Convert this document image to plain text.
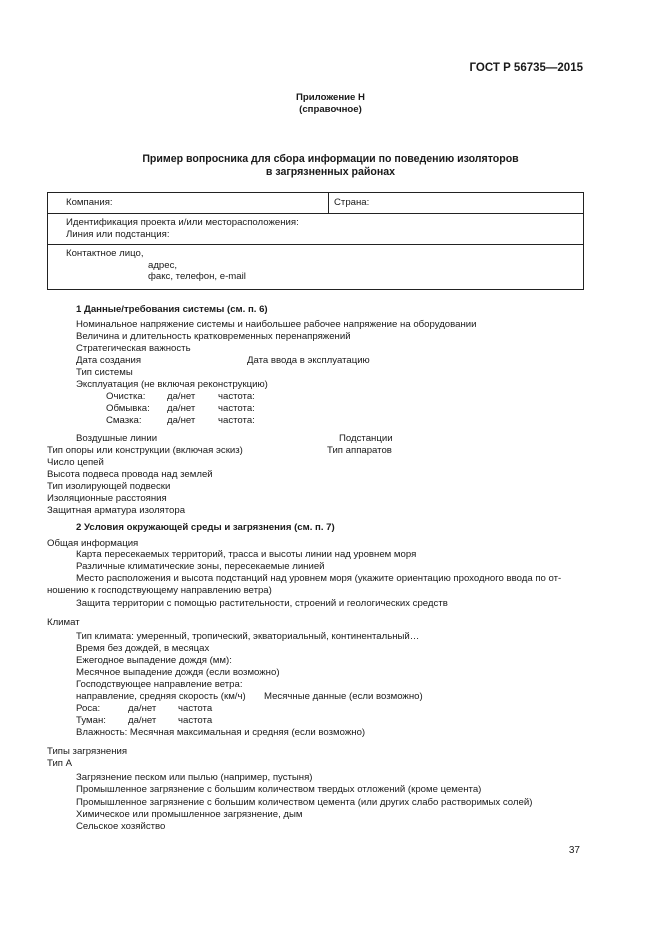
ГОСТ Р 56735—2015
Приложение Н
(справочное)
Пример вопросника для сбора информации по поведению изоляторов
в загрязненных районах
Компания:	Страна:
Идентификация проекта и/или месторасположения:
Линия или подстанция:
Контактное лицо,
адрес,
факс, телефон, e-mail
1 Данные/требования системы (см. п. 6)
Номинальное напряжение системы и наибольшее рабочее напряжение на оборудовании
Величина и длительность кратковременных перенапряжений
Стратегическая важность
Дата создания	Дата ввода в эксплуатацию
Тип системы
Эксплуатация (не включая реконструкцию)
Очистка: да/нет частота:
Обмывка: да/нет частота:
Смазка:	да/нет частота:
Воздушные линии	Подстанции
Тип опоры или конструкции (включая эскиз)	Тип аппаратов
Число цепей
Высота подвеса провода над землей
Тип изолирующей подвески
Изоляционные расстояния
Защитная арматура изолятора
2 Условия окружающей среды и загрязнения (см. п. 7)
Общая информация
Карта пересекаемых территорий, трасса и высоты линии над уровнем моря
Различные климатические зоны, пересекаемые линией
Место расположения и высота подстанций над уровнем моря (укажите ориентацию проходного ввода по от-
ношению к господствующему направлению ветра)
Защита территории с помощью растительности, строений и геологических средств
Климат
Тип климата: умеренный, тропический, экваториальный, континентальный…
Время без дождей, в месяцах
Ежегодное выпадение дождя (мм):
Месячное выпадение дождя (если возможно)
Господствующее направление ветра:
направление, средняя скорость (км/ч) Месячные данные (если возможно)
Роса:	да/нет частота
Туман: да/нет частота
Влажность: Месячная максимальная и средняя (если возможно)
Типы загрязнения
Тип А
Загрязнение песком или пылью (например, пустыня)
Промышленное загрязнение с большим количеством твердых отложений (кроме цемента)
Промышленное загрязнение с большим количеством цемента (или других слабо растворимых солей)
Химическое или промышленное загрязнение, дым
Сельское хозяйство
37
